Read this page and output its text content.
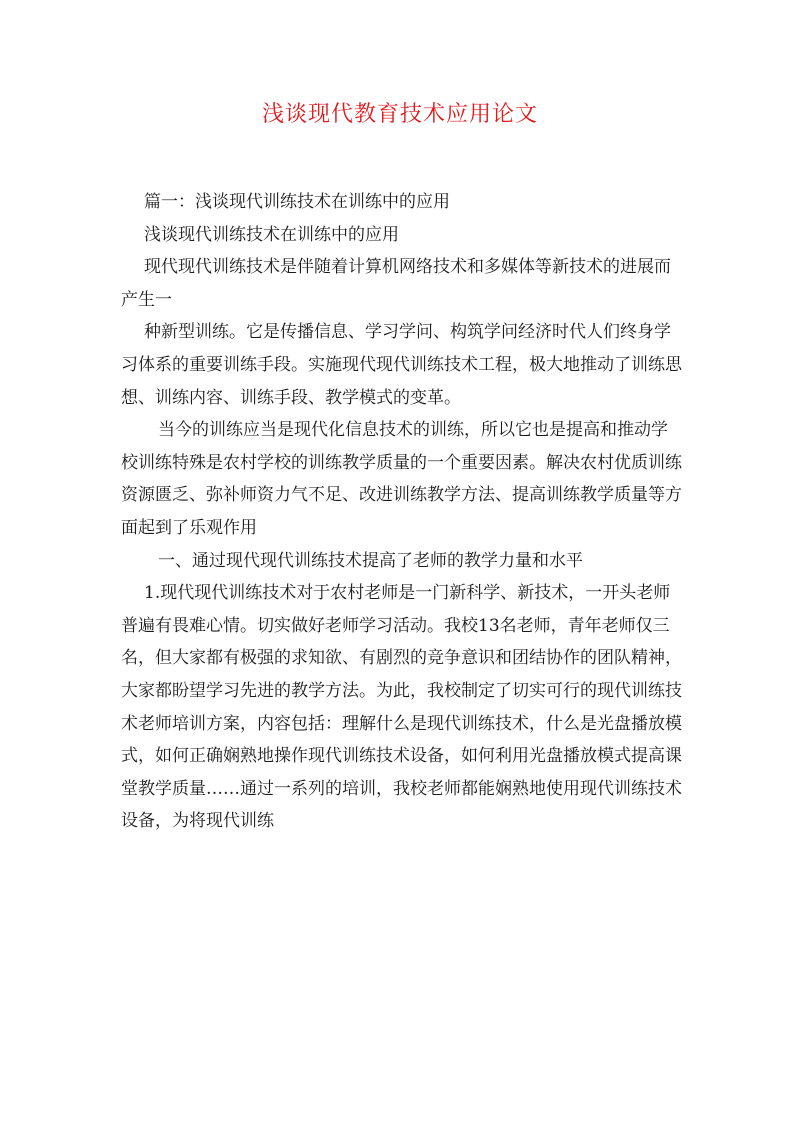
浅谈现代教育技术应用论文

篇一：浅谈现代训练技术在训练中的应用

浅谈现代训练技术在训练中的应用

现代现代训练技术是伴随着计算机网络技术和多媒体等新技术的进展而产生一

种新型训练。它是传播信息、学习学问、构筑学问经济时代人们终身学习体系的重要训练手段。实施现代现代训练技术工程，极大地推动了训练思想、训练内容、训练手段、教学模式的变革。

当今的训练应当是现代化信息技术的训练，所以它也是提高和推动学校训练特殊是农村学校的训练教学质量的一个重要因素。解决农村优质训练资源匮乏、弥补师资力气不足、改进训练教学方法、提高训练教学质量等方面起到了乐观作用

一、通过现代现代训练技术提高了老师的教学力量和水平

1.现代现代训练技术对于农村老师是一门新科学、新技术，一开头老师普遍有畏难心情。切实做好老师学习活动。我校13名老师，青年老师仅三名，但大家都有极强的求知欲、有剧烈的竞争意识和团结协作的团队精神，大家都盼望学习先进的教学方法。为此，我校制定了切实可行的现代训练技术老师培训方案，内容包括：理解什么是现代训练技术，什么是光盘播放模式，如何正确娴熟地操作现代训练技术设备，如何利用光盘播放模式提高课堂教学质量……通过一系列的培训，我校老师都能娴熟地使用现代训练技术设备，为将现代训练
